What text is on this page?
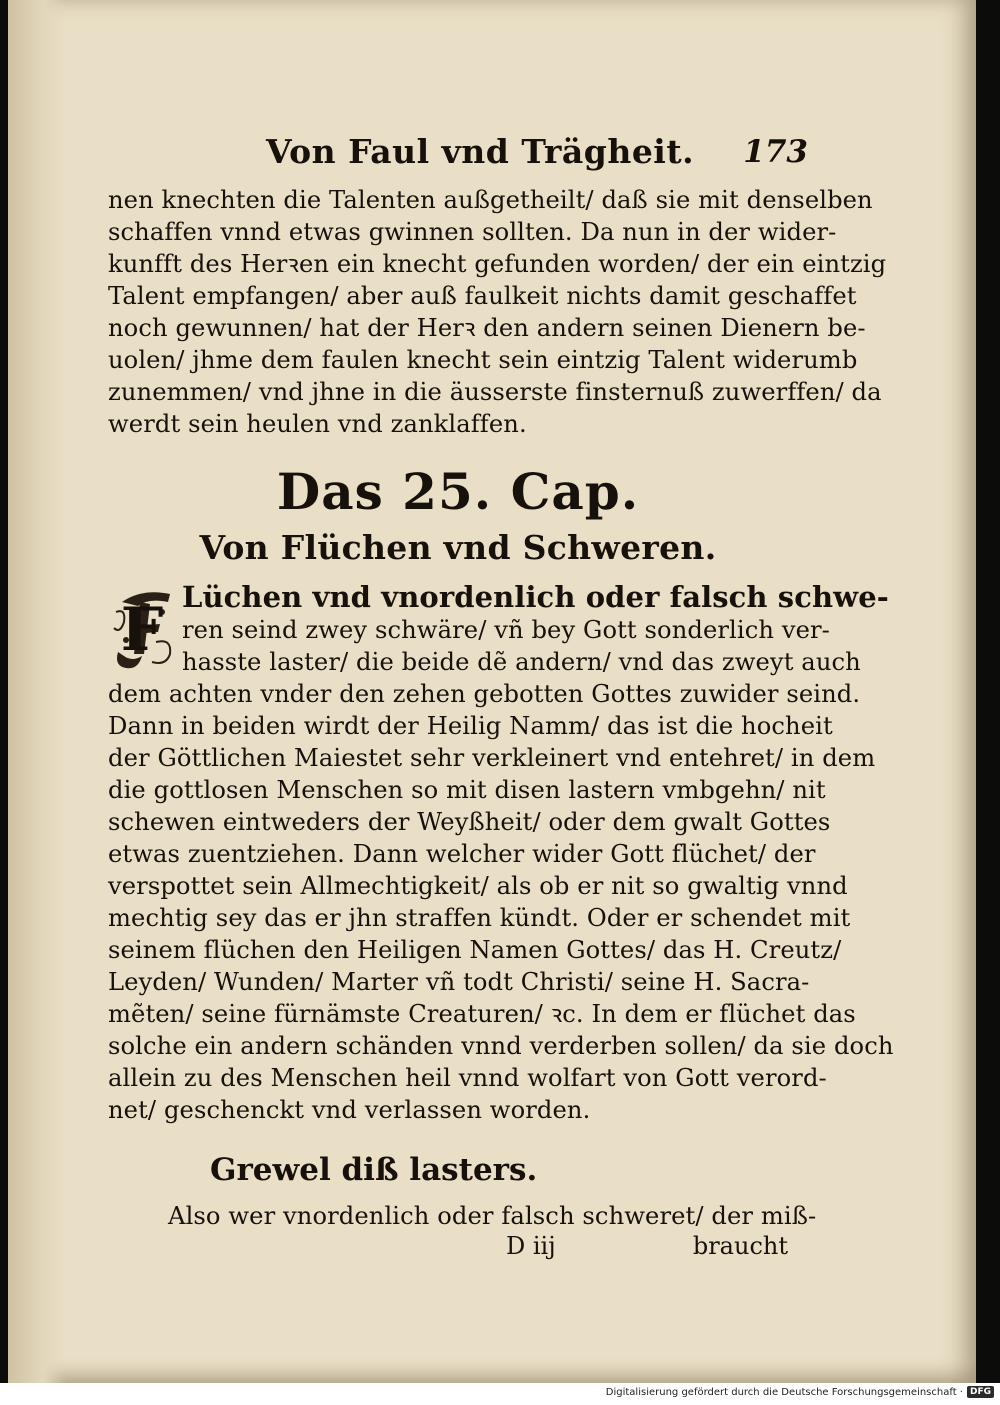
Von Faul vnd Trägheit. 173
nen knechten die Talenten außgetheilt/ daß sie mit denselben
schaffen vnnd etwas gwinnen sollten. Da nun in der wider-
kunfft des Herꝛen ein knecht gefunden worden/ der ein eintzig
Talent empfangen/ aber auß faulkeit nichts damit geschaffet
noch gewunnen/ hat der Herꝛ den andern seinen Dienern be-
uolen/ jhme dem faulen knecht sein eintzig Talent widerumb
zunemmen/ vnd jhne in die äusserste finsternuß zuwerffen/ da
werdt sein heulen vnd zanklaffen.
Das 25. Cap.
Von Flüchen vnd Schweren.
F Lüchen vnd vnordenlich oder falsch schwe-
ren seind zwey schwäre/ vñ bey Gott sonderlich ver-
hasste laster/ die beide dẽ andern/ vnd das zweyt auch
dem achten vnder den zehen gebotten Gottes zuwider seind.
Dann in beiden wirdt der Heilig Namm/ das ist die hocheit
der Göttlichen Maiestet sehr verkleinert vnd entehret/ in dem
die gottlosen Menschen so mit disen lastern vmbgehn/ nit
schewen eintweders der Weyßheit/ oder dem gwalt Gottes
etwas zuentziehen. Dann welcher wider Gott flüchet/ der
verspottet sein Allmechtigkeit/ als ob er nit so gwaltig vnnd
mechtig sey das er jhn straffen kündt. Oder er schendet mit
seinem flüchen den Heiligen Namen Gottes/ das H. Creutz/
Leyden/ Wunden/ Marter vñ todt Christi/ seine H. Sacra-
mẽten/ seine fürnämste Creaturen/ ꝛc. In dem er flüchet das
solche ein andern schänden vnnd verderben sollen/ da sie doch
allein zu des Menschen heil vnnd wolfart von Gott verord-
net/ geschenckt vnd verlassen worden.
Grewel diß lasters.
Also wer vnordenlich oder falsch schweret/ der miß-
D iij	braucht
Digitalisierung gefördert durch die Deutsche Forschungsgemeinschaft · DFG
